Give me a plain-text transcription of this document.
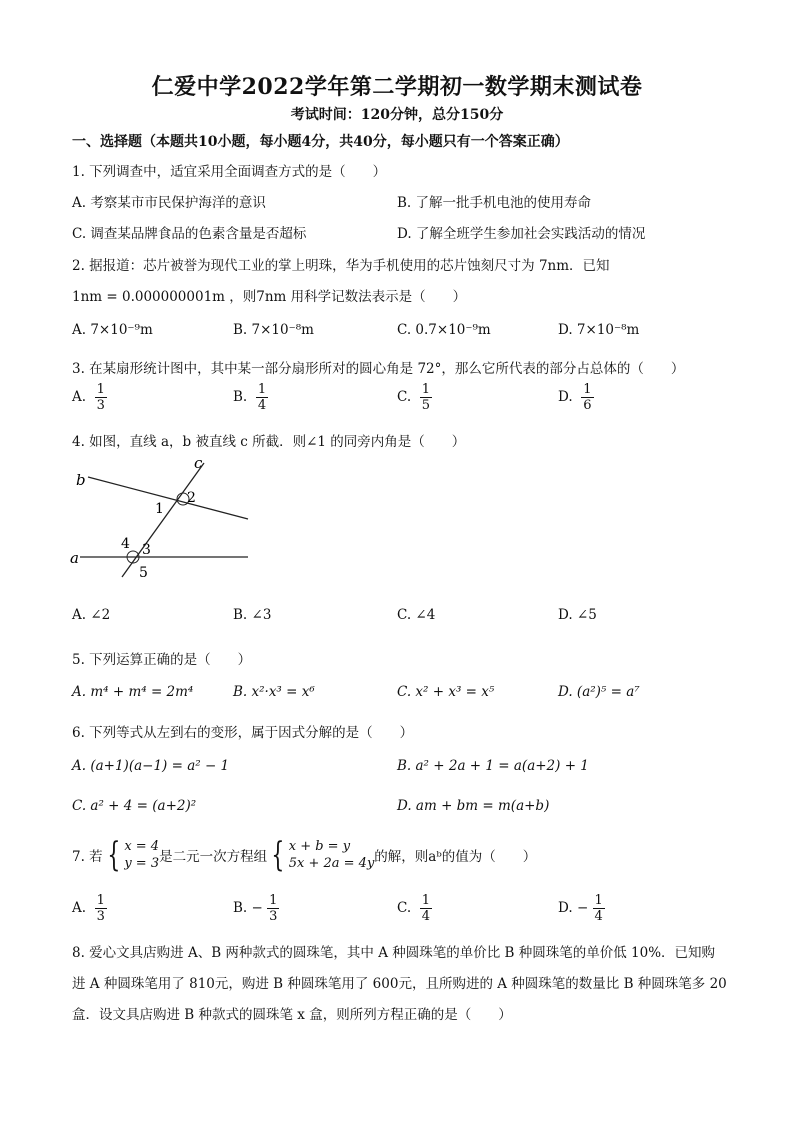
仁爱中学2022学年第二学期初一数学期末测试卷
考试时间：120分钟，总分150分
一、选择题（本题共10小题，每小题4分，共40分，每小题只有一个答案正确）
1. 下列调查中，适宜采用全面调查方式的是（　　）
A. 考察某市市民保护海洋的意识	B. 了解一批手机电池的使用寿命
C. 调查某品牌食品的色素含量是否超标	D. 了解全班学生参加社会实践活动的情况
2. 据报道：芯片被誉为现代工业的掌上明珠，华为手机使用的芯片蚀刻尺寸为 7nm．已知
1nm = 0.000000001m ，则7nm 用科学记数法表示是（　　）
A. 7×10⁻⁹m	B. 7×10⁻⁸m	C. 0.7×10⁻⁹m	D. 7×10⁻⁸m
3. 在某扇形统计图中，其中某一部分扇形所对的圆心角是 72°，那么它所代表的部分占总体的（　　）
A. $\frac{1}{3}$	B. $\frac{1}{4}$	C. $\frac{1}{5}$	D. $\frac{1}{6}$
4. 如图，直线 a，b 被直线 c 所截．则∠1 的同旁内角是（　　）
b
c
a
1
2
3
4
5
A. ∠2	B. ∠3	C. ∠4	D. ∠5
5. 下列运算正确的是（　　）
A. m⁴ + m⁴ = 2m⁴	B. x²·x³ = x⁶	C. x² + x³ = x⁵	D. (a²)⁵ = a⁷
6. 下列等式从左到右的变形，属于因式分解的是（　　）
A. (a+1)(a−1) = a² − 1	B. a² + 2a + 1 = a(a+2) + 1
C. a² + 4 = (a+2)²	D. am + bm = m(a+b)
7. 若 { x = 4
y = 3 是二元一次方程组 { x + b = y
5x + 2a = 4y 的解，则aᵇ的值为（　　）
A. $\frac{1}{3}$	B. − $\frac{1}{3}$	C. $\frac{1}{4}$	D. − $\frac{1}{4}$
8. 爱心文具店购进 A、B 两种款式的圆珠笔，其中 A 种圆珠笔的单价比 B 种圆珠笔的单价低 10%．已知购
进 A 种圆珠笔用了 810元，购进 B 种圆珠笔用了 600元，且所购进的 A 种圆珠笔的数量比 B 种圆珠笔多 20
盒．设文具店购进 B 种款式的圆珠笔 x 盒，则所列方程正确的是（　　）
